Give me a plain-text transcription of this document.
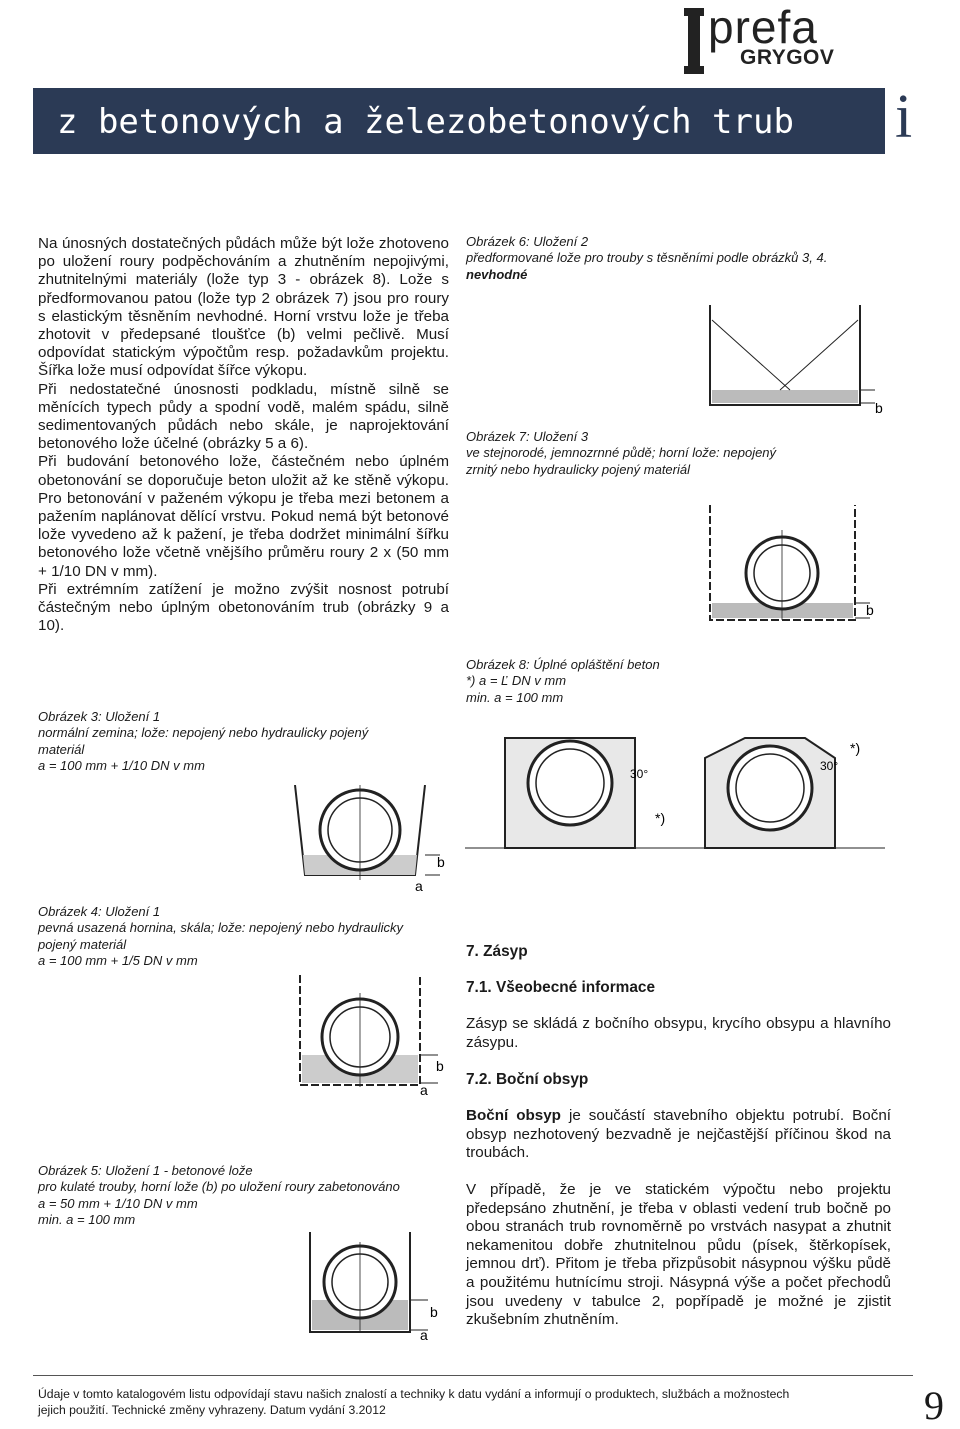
prefa
GRYGOV
z betonových a železobetonových trub i

Na únosných dostatečných půdách může být lože zhotoveno po uložení roury podpěchováním a zhutněním nepojivými, zhutnitelnými materiály (lože typ 3 - obrázek 8). Lože s předformovanou patou (lože typ 2 obrázek 7) jsou pro roury s elastickým těsněním nevhodné. Horní vrstvu lože je třeba zhotovit v předepsané tloušťce (b) velmi pečlivě. Musí odpovídat statickým výpočtům resp. požadavkům projektu. Šířka lože musí odpovídat šířce výkopu.

Při nedostatečné únosnosti podkladu, místně silně se měnících typech půdy a spodní vodě, malém spádu, silně sedimentovaných půdách nebo skále, je naprojektování betonového lože účelné (obrázky 5 a 6).

Při budování betonového lože, částečném nebo úplném obetonování se doporučuje beton uložit až ke stěně výkopu. Pro betonování v paženém výkopu je třeba mezi betonem a pažením naplánovat dělící vrstvu. Pokud nemá být betonové lože vyvedeno až k pažení, je třeba dodržet minimální šířku betonového lože včetně vnějšího průměru roury 2 x (50 mm + 1/10 DN v mm).

Při extrémním zatížení je možno zvýšit nosnost potrubí částečným nebo úplným obetonováním trub (obrázky 9 a 10).

Obrázek 3: Uložení 1

normální zemina; lože: nepojený nebo hydraulicky pojený

materiál

a = 100 mm + 1/10 DN v mm

b
a

Obrázek 4: Uložení 1

pevná usazená hornina, skála; lože: nepojený nebo hydraulicky

pojený materiál

a = 100 mm + 1/5 DN v mm

b
a

Obrázek 5: Uložení 1 - betonové lože

pro kulaté trouby, horní lože (b) po uložení roury zabetonováno

a = 50 mm + 1/10 DN v mm

min. a = 100 mm

b
a

Obrázek 6: Uložení 2

předformované lože pro trouby s těsněními podle obrázků 3, 4.

nevhodné

b

Obrázek 7: Uložení 3

ve stejnorodé, jemnozrnné půdě; horní lože: nepojený

zrnitý nebo hydraulicky pojený materiál

b

Obrázek 8: Úplné opláštění beton

*) a = Ľ DN v mm

min. a = 100 mm

*)
*)
30°
30°

7. Zásyp

7.1. Všeobecné informace

Zásyp se skládá z bočního obsypu, krycího obsypu a hlavního zásypu.

7.2. Boční obsyp

Boční obsyp je součástí stavebního objektu potrubí. Boční obsyp nezhotovený bezvadně je nejčastější příčinou škod na troubách.

V případě, že je ve statickém výpočtu nebo projektu předepsáno zhutnění, je třeba v oblasti vedení trub bočně po obou stranách trub rovnoměrně po vrstvách nasypat a zhutnit nekamenitou dobře zhutnitelnou půdu (písek, štěrkopísek, jemnou drť). Přitom je třeba přizpůsobit násypnou výšku půdě a použitému hutnícímu stroji. Násypná výše a počet přechodů jsou uvedeny v tabulce 2, popřípadě je možné je zjistit zkušebním zhutněním.

Údaje v tomto katalogovém listu odpovídají stavu našich znalostí a techniky k datu vydání a informují o produktech, službách a možnostech jejich použití. Technické změny vyhrazeny. Datum vydání 3.2012	9
